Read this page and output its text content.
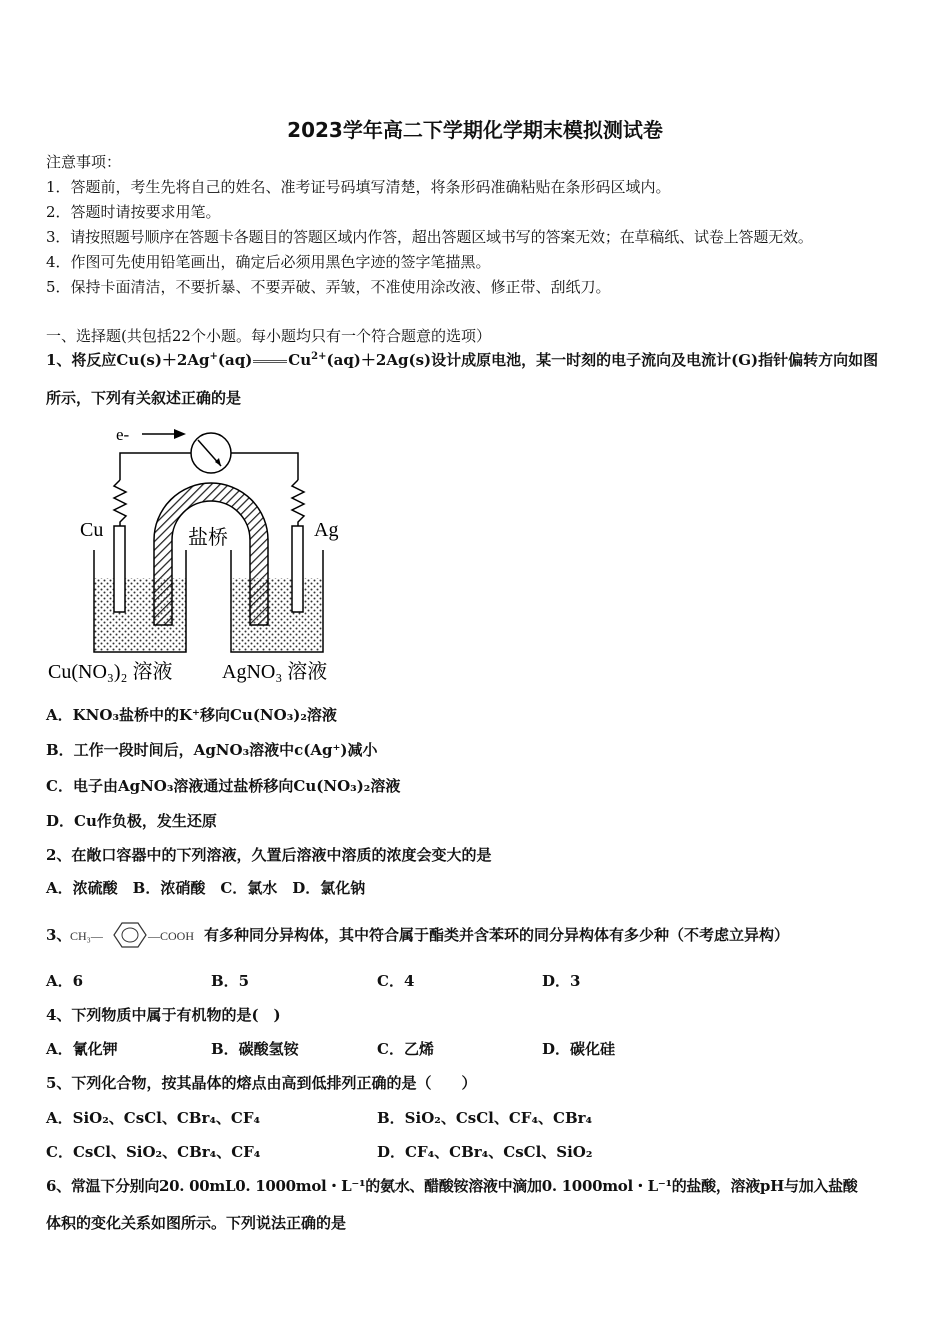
2023学年高二下学期化学期末模拟测试卷
注意事项：
1．答题前，考生先将自己的姓名、准考证号码填写清楚，将条形码准确粘贴在条形码区域内。
2．答题时请按要求用笔。
3．请按照题号顺序在答题卡各题目的答题区域内作答，超出答题区域书写的答案无效；在草稿纸、试卷上答题无效。
4．作图可先使用铅笔画出，确定后必须用黑色字迹的签字笔描黑。
5．保持卡面清洁，不要折暴、不要弄破、弄皱，不准使用涂改液、修正带、刮纸刀。
一、选择题(共包括22个小题。每小题均只有一个符合题意的选项）
1、将反应Cu(s)＋2Ag+(aq) $Cu^{2+}(aq)+2Ag(s)$设计成原电池，某一时刻的电子流向及电流计(G)指针偏转方向如图
所示，下列有关叙述正确的是
e-
Cu	Ag
盐桥
Cu(NO₃)₂ 溶液 AgNO₃ 溶液
A．KNO₃盐桥中的K⁺移向Cu(NO₃)₂溶液
B．工作一段时间后，AgNO₃溶液中c(Ag⁺)减小
C．电子由AgNO₃溶液通过盐桥移向Cu(NO₃)₂溶液
D．Cu作负极，发生还原
2、在敞口容器中的下列溶液，久置后溶液中溶质的浓度会变大的是
A．浓硫酸　B．浓硝酸　C．氯水　D．氯化钠
3、
CH₃—	—COOH 有多种同分异构体，其中符合属于酯类并含苯环的同分异构体有多少种（不考虑立异构）
A．6	B．5	C．4	D．3
4、下列物质中属于有机物的是(　)
A．氰化钾	B．碳酸氢铵	C．乙烯	D．碳化硅
5、下列化合物，按其晶体的熔点由高到低排列正确的是（　　）
A．SiO₂、CsCl、CBr₄、CF₄	B．SiO₂、CsCl、CF₄、CBr₄
C．CsCl、SiO₂、CBr₄、CF₄	D．CF₄、CBr₄、CsCl、SiO₂
6、常温下分别向20. 00mL0. 1000mol・L⁻¹的氨水、醋酸铵溶液中滴加0. 1000mol・L⁻¹的盐酸，溶液pH与加入盐酸
体积的变化关系如图所示。下列说法正确的是
